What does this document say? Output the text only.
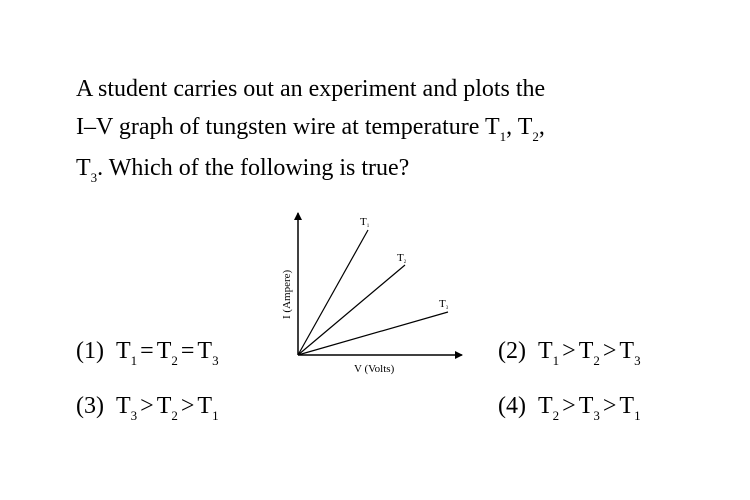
A student carries out an experiment and plots the
I–V graph of tungsten wire at temperature $T_1$, $T_2$,
$T_3$. Which of the following is true?
T1
T2
T3
I (Ampere)
V (Volts)
(1) $T_1 = T_2 = T_3$	(2) $T_1 > T_2 > T_3$
(3) $T_3 > T_2 > T_1$	(4) $T_2 > T_3 > T_1$
